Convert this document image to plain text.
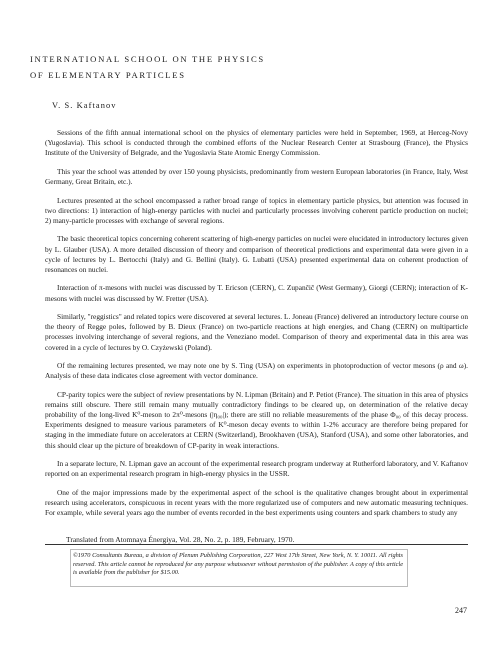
INTERNATIONAL SCHOOL ON THE PHYSICS
OF ELEMENTARY PARTICLES

V. S. Kaftanov

Sessions of the fifth annual international school on the physics of elementary particles were held in September, 1969, at Herceg-Novy (Yugoslavia). This school is conducted through the combined efforts of the Nuclear Research Center at Strasbourg (France), the Physics Institute of the University of Belgrade, and the Yugoslavia State Atomic Energy Commission.

This year the school was attended by over 150 young physicists, predominantly from western European laboratories (in France, Italy, West Germany, Great Britain, etc.).

Lectures presented at the school encompassed a rather broad range of topics in elementary particle physics, but attention was focused in two directions: 1) interaction of high-energy particles with nuclei and particularly processes involving coherent particle production on nuclei; 2) many-particle processes with exchange of several regions.

The basic theoretical topics concerning coherent scattering of high-energy particles on nuclei were elucidated in introductory lectures given by L. Glauber (USA). A more detailed discussion of theory and comparison of theoretical predictions and experimental data were given in a cycle of lectures by L. Bertocchi (Italy) and G. Bellini (Italy). G. Lubatti (USA) presented experimental data on coherent production of resonances on nuclei.

Interaction of π-mesons with nuclei was discussed by T. Ericson (CERN), C. Zupančič (West Germany), Giorgi (CERN); interaction of K-mesons with nuclei was discussed by W. Fretter (USA).

Similarly, "reggistics" and related topics were discovered at several lectures. L. Joneau (France) delivered an introductory lecture course on the theory of Regge poles, followed by B. Dieux (France) on two-particle reactions at high energies, and Chang (CERN) on multiparticle processes involving interchange of several regions, and the Veneziano model. Comparison of theory and experimental data in this area was covered in a cycle of lectures by O. Czyżewski (Poland).

Of the remaining lectures presented, we may note one by S. Ting (USA) on experiments in photoproduction of vector mesons (ρ and ω). Analysis of these data indicates close agreement with vector dominance.

CP-parity topics were the subject of review presentations by N. Lipman (Britain) and P. Petiot (France). The situation in this area of physics remains still obscure. There still remain many mutually contradictory findings to be cleared up, on determination of the relative decay probability of the long-lived K⁰-meson to 2π⁰-mesons (|η₀₀|); there are still no reliable measurements of the phase Φ₀₀ of this decay process. Experiments designed to measure various parameters of K⁰-meson decay events to within 1-2% accuracy are therefore being prepared for staging in the immediate future on accelerators at CERN (Switzerland), Brookhaven (USA), Stanford (USA), and some other laboratories, and this should clear up the picture of breakdown of CP-parity in weak interactions.

In a separate lecture, N. Lipman gave an account of the experimental research program underway at Rutherford laboratory, and V. Kaftanov reported on an experimental research program in high-energy physics in the USSR.

One of the major impressions made by the experimental aspect of the school is the qualitative changes brought about in experimental research using accelerators, conspicuous in recent years with the more regularized use of computers and new automatic measuring techniques. For example, while several years ago the number of events recorded in the best experiments using counters and spark chambers to study any

Translated from Atomnaya Énergiya, Vol. 28, No. 2, p. 189, February, 1970.

©1970 Consultants Bureau, a division of Plenum Publishing Corporation, 227 West 17th Street, New York, N. Y. 10011. All rights reserved. This article cannot be reproduced for any purpose whatsoever without permission of the publisher. A copy of this article is available from the publisher for $15.00.

247
